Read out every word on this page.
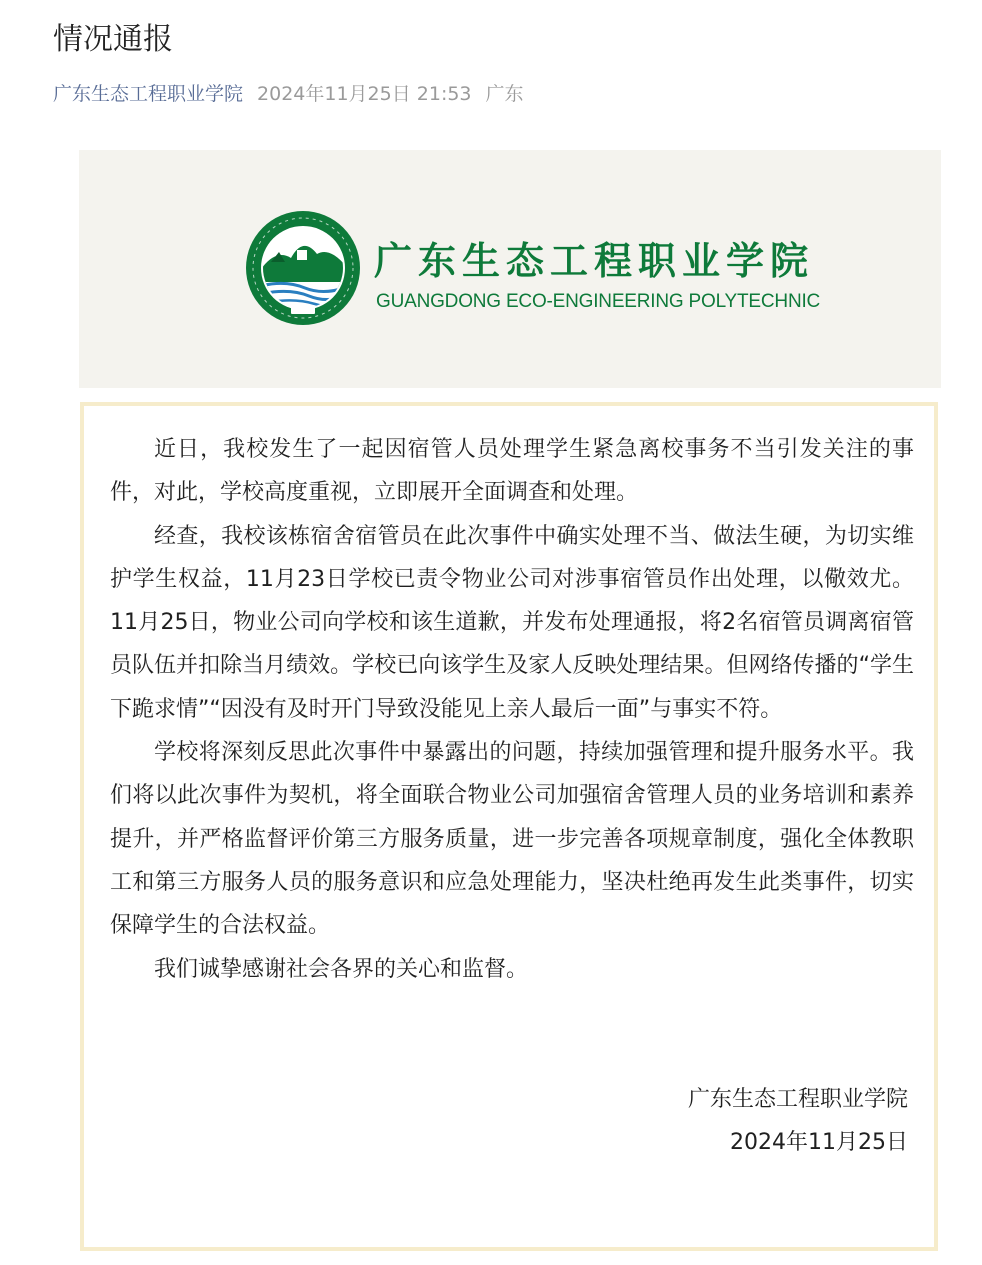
情况通报
广东生态工程职业学院 2024年11月25日 21:53 广东
广东生态工程职业学院
GUANGDONG ECO-ENGINEERING POLYTECHNIC

近日，我校发生了一起因宿管人员处理学生紧急离校事务不当引发关注的事件，对此，学校高度重视，立即展开全面调查和处理。

经查，我校该栋宿舍宿管员在此次事件中确实处理不当、做法生硬，为切实维护学生权益，11月23日学校已责令物业公司对涉事宿管员作出处理，以儆效尤。11月25日，物业公司向学校和该生道歉，并发布处理通报，将2名宿管员调离宿管员队伍并扣除当月绩效。学校已向该学生及家人反映处理结果。但网络传播的“学生下跪求情”“因没有及时开门导致没能见上亲人最后一面”与事实不符。

学校将深刻反思此次事件中暴露出的问题，持续加强管理和提升服务水平。我们将以此次事件为契机，将全面联合物业公司加强宿舍管理人员的业务培训和素养提升，并严格监督评价第三方服务质量，进一步完善各项规章制度，强化全体教职工和第三方服务人员的服务意识和应急处理能力，坚决杜绝再发生此类事件，切实保障学生的合法权益。

我们诚挚感谢社会各界的关心和监督。

广东生态工程职业学院
2024年11月25日
